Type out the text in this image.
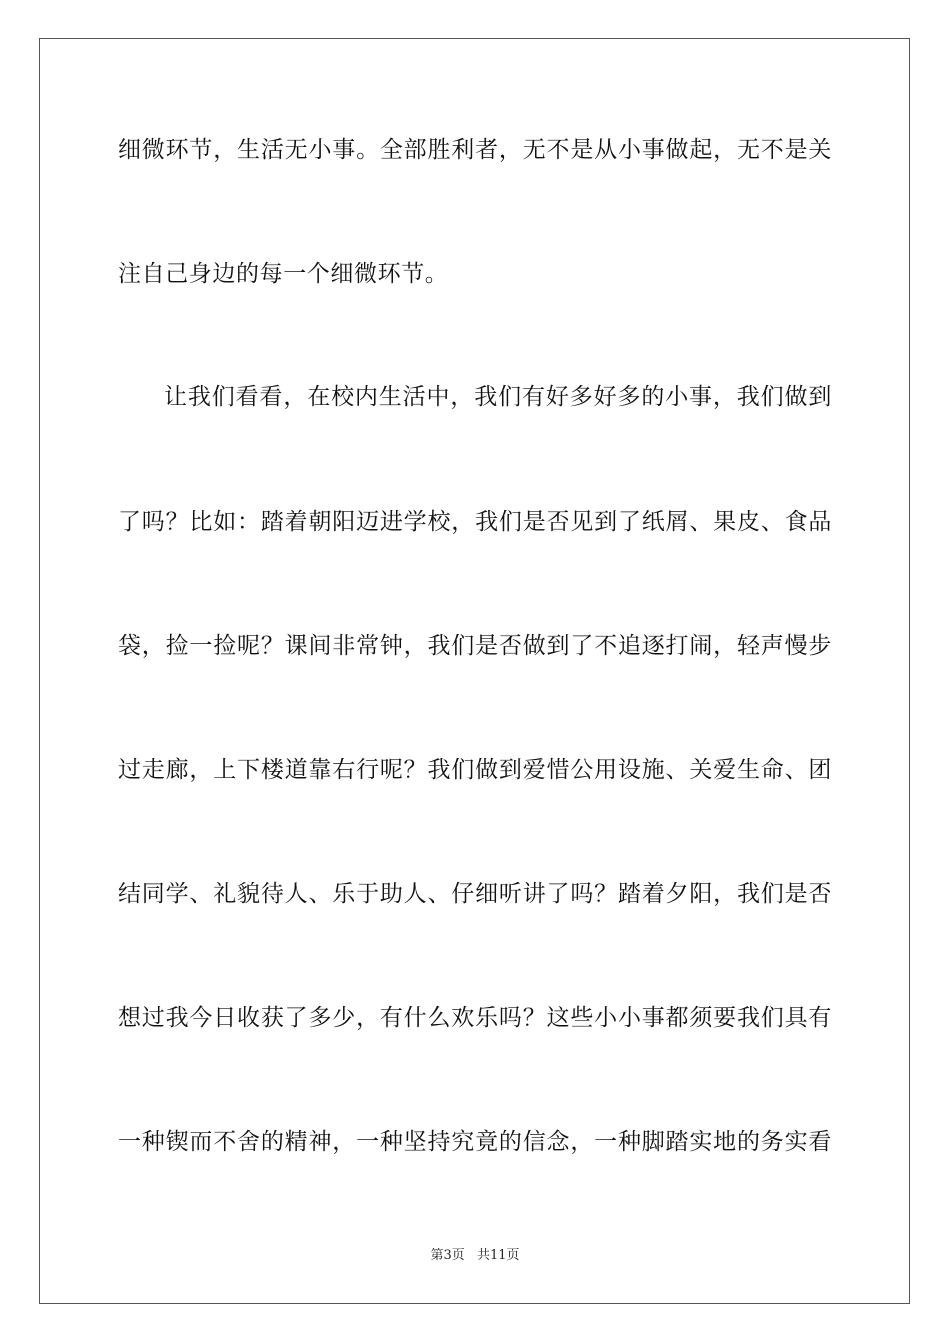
细微环节，生活无小事。全部胜利者，无不是从小事做起，无不是关
注自己身边的每一个细微环节。
让我们看看，在校内生活中，我们有好多好多的小事，我们做到
了吗？比如：踏着朝阳迈进学校，我们是否见到了纸屑、果皮、食品
袋，捡一捡呢？课间非常钟，我们是否做到了不追逐打闹，轻声慢步
过走廊，上下楼道靠右行呢？我们做到爱惜公用设施、关爱生命、团
结同学、礼貌待人、乐于助人、仔细听讲了吗？踏着夕阳，我们是否
想过我今日收获了多少，有什么欢乐吗？这些小小事都须要我们具有
一种锲而不舍的精神，一种坚持究竟的信念，一种脚踏实地的务实看
第3页 共11页
